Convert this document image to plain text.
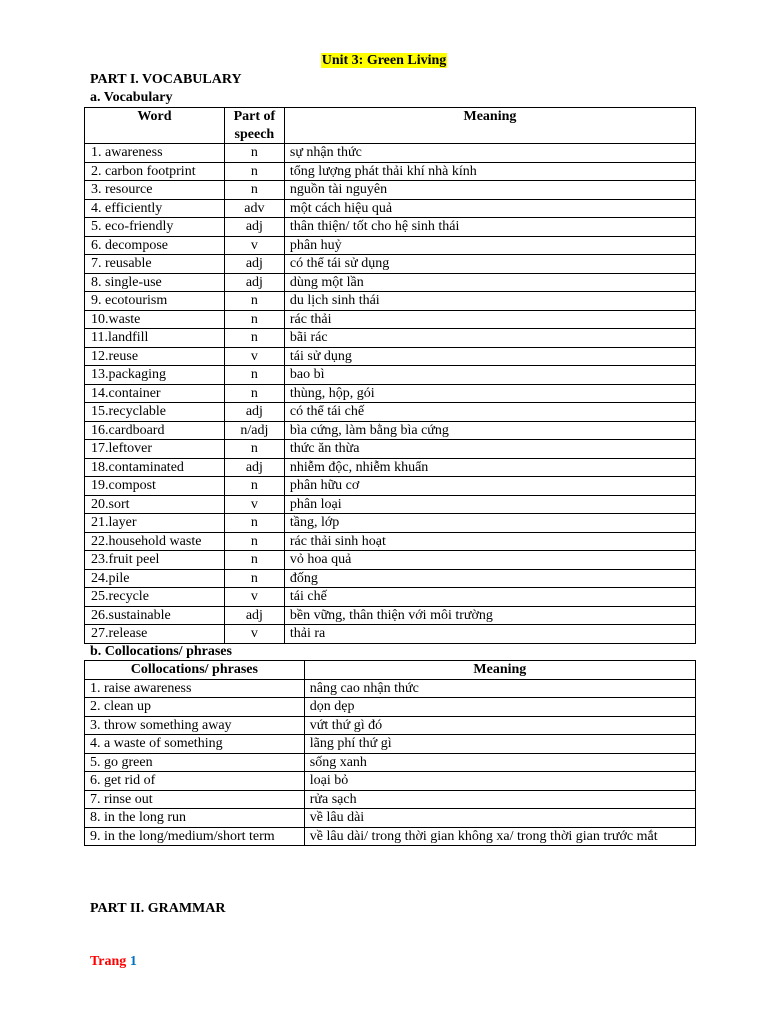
Unit 3: Green Living
PART I. VOCABULARY
a. Vocabulary
Word	Part of speech	Meaning
1. awareness	n	sự nhận thức
2. carbon footprint	n	tổng lượng phát thải khí nhà kính
3. resource	n	nguồn tài nguyên
4. efficiently	adv	một cách hiệu quả
5. eco-friendly	adj	thân thiện/ tốt cho hệ sinh thái
6. decompose	v	phân huỷ
7. reusable	adj	có thể tái sử dụng
8. single-use	adj	dùng một lần
9. ecotourism	n	du lịch sinh thái
10.waste	n	rác thải
11.landfill	n	bãi rác
12.reuse	v	tái sử dụng
13.packaging	n	bao bì
14.container	n	thùng, hộp, gói
15.recyclable	adj	có thể tái chế
16.cardboard	n/adj	bìa cứng, làm bằng bìa cứng
17.leftover	n	thức ăn thừa
18.contaminated	adj	nhiễm độc, nhiễm khuẩn
19.compost	n	phân hữu cơ
20.sort	v	phân loại
21.layer	n	tầng, lớp
22.household waste	n	rác thải sinh hoạt
23.fruit peel	n	vỏ hoa quả
24.pile	n	đống
25.recycle	v	tái chế
26.sustainable	adj	bền vững, thân thiện với môi trường
27.release	v	thải ra
b. Collocations/ phrases
Collocations/ phrases	Meaning
1. raise awareness	nâng cao nhận thức
2. clean up	dọn dẹp
3. throw something away	vứt thứ gì đó
4. a waste of something	lãng phí thứ gì
5. go green	sống xanh
6. get rid of	loại bỏ
7. rinse out	rửa sạch
8. in the long run	về lâu dài
9. in the long/medium/short term	về lâu dài/ trong thời gian không xa/ trong thời gian trước mắt
PART II. GRAMMAR
Trang 1
